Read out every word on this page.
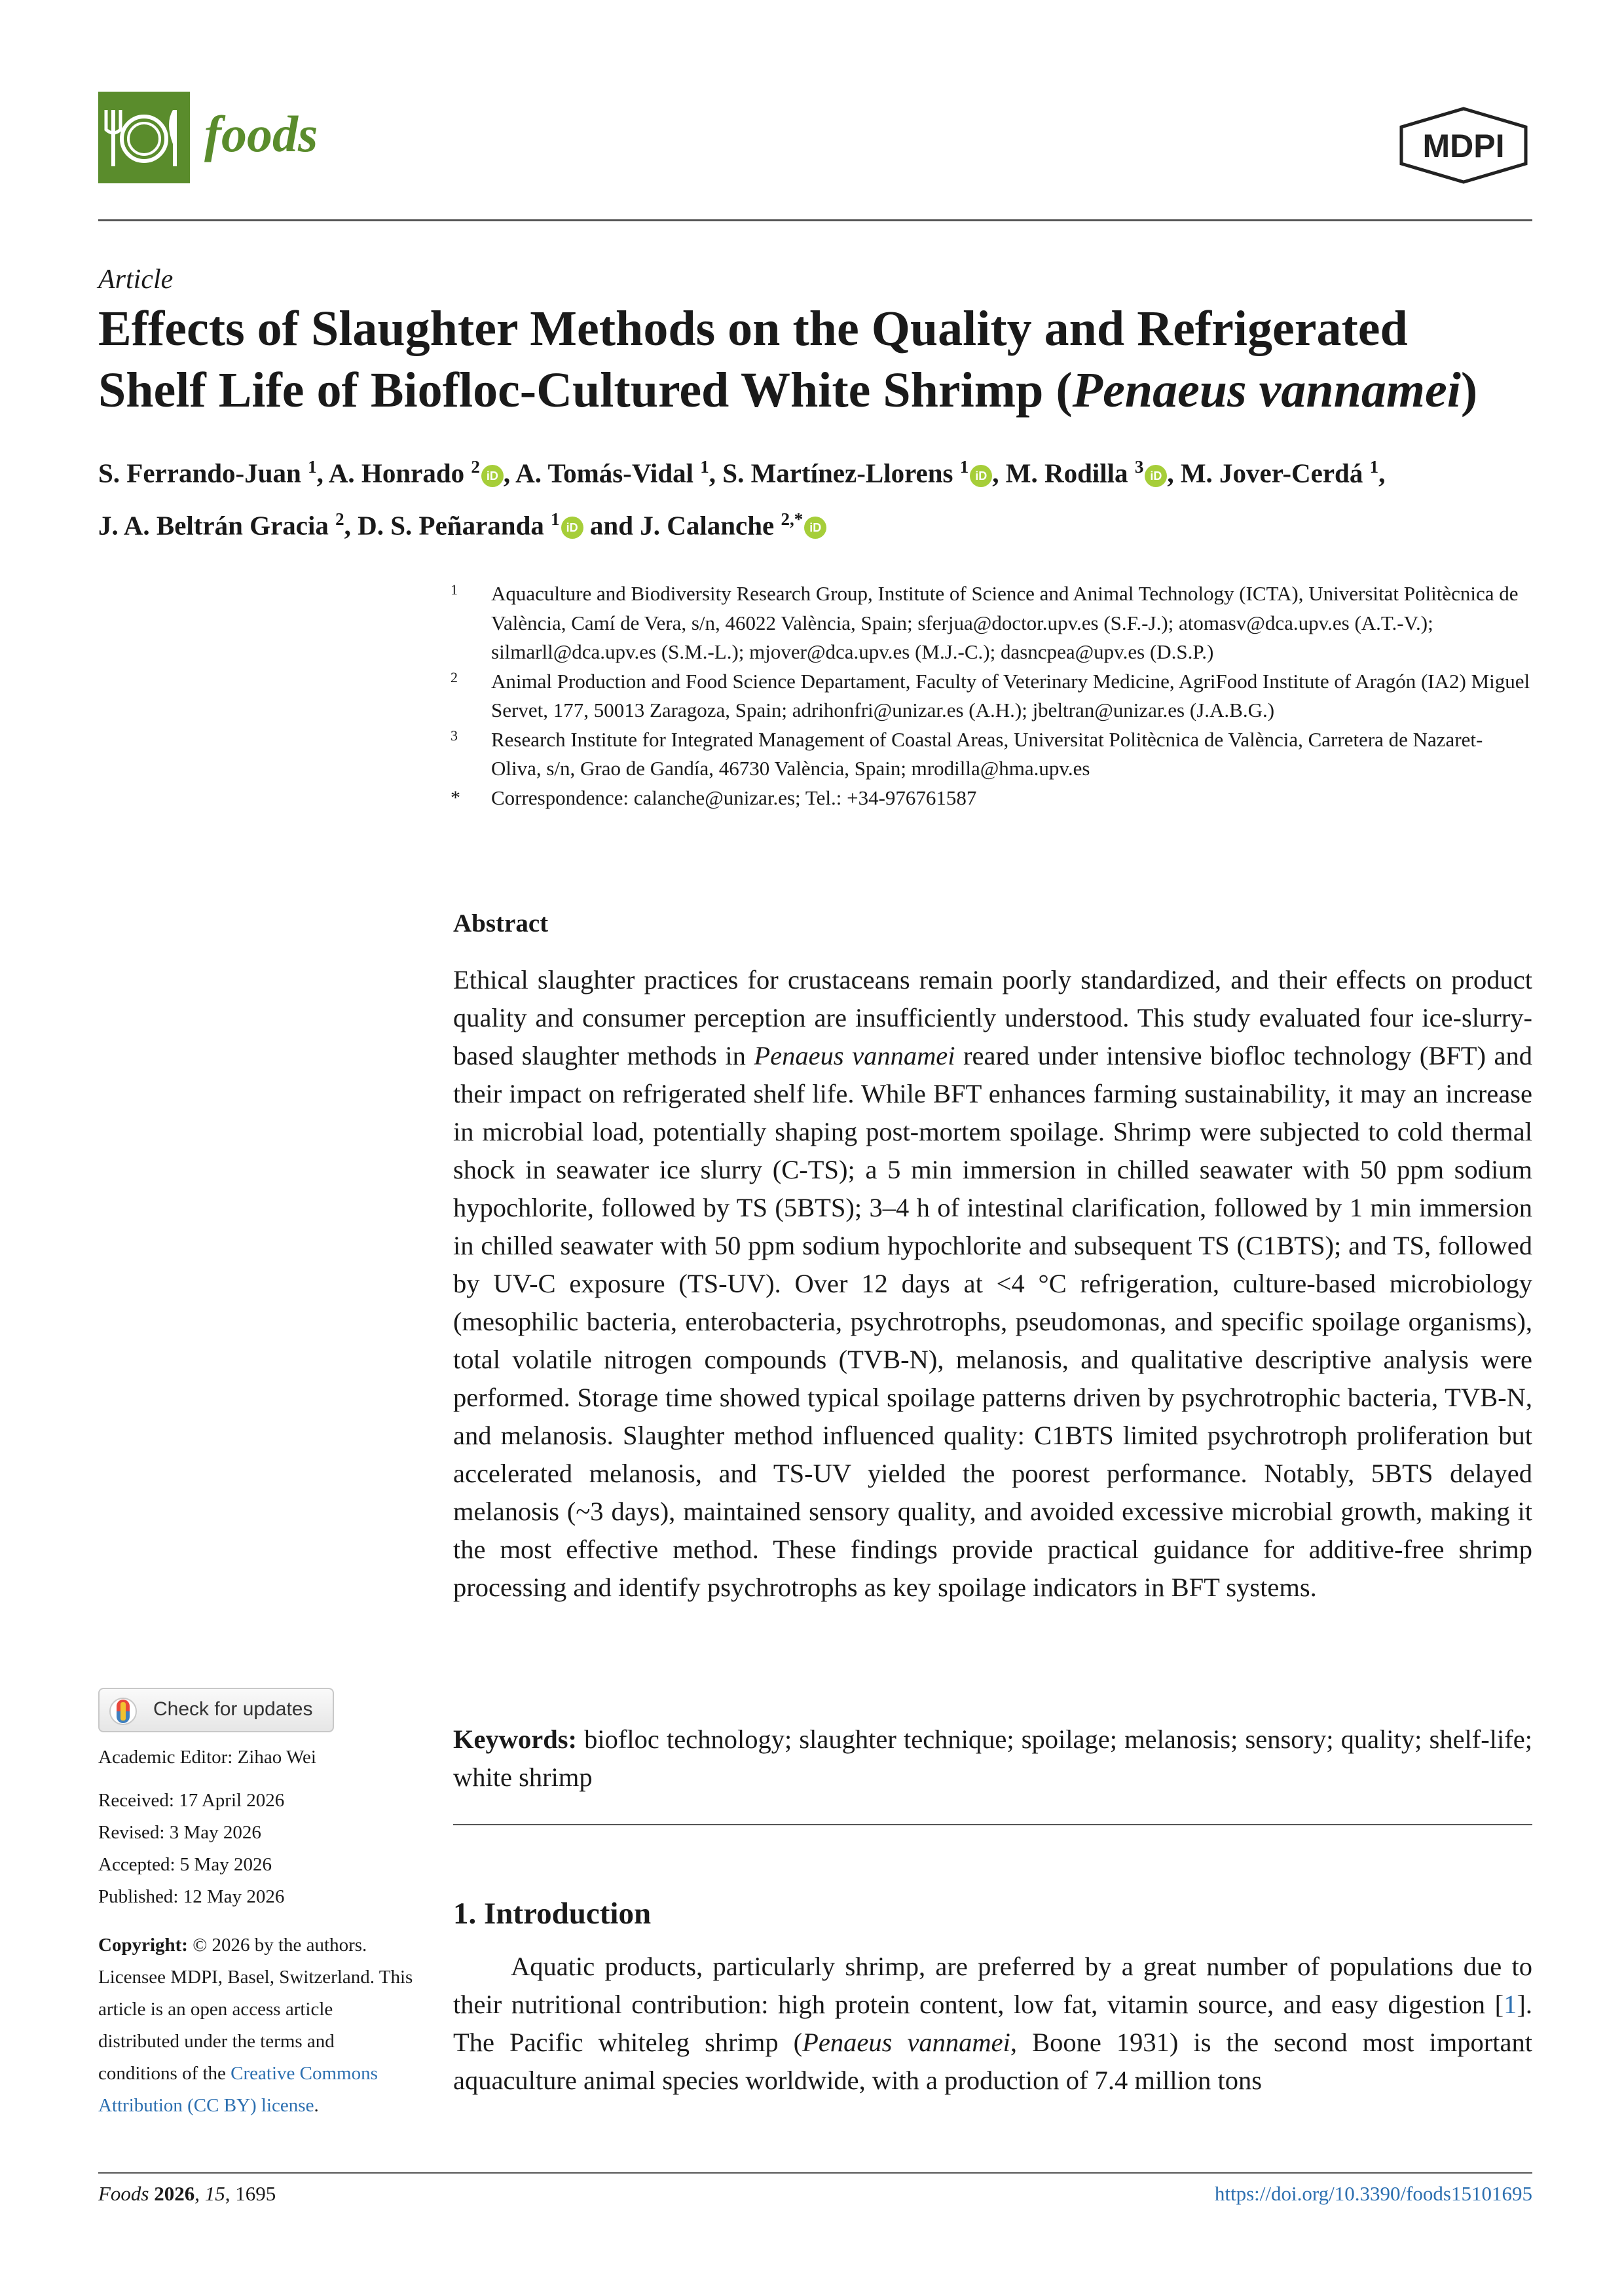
foods	MDPI
Article
Effects of Slaughter Methods on the Quality and Refrigerated
Shelf Life of Biofloc-Cultured White Shrimp (Penaeus vannamei)
S. Ferrando-Juan $^1$, A. Honrado $^2$ iD , A. Tomás-Vidal $^1$, S. Martínez-Llorens $^1$ iD , M. Rodilla $^3$ iD , M. Jover-Cerdá $^1$,
J. A. Beltrán Gracia $^2$, D. S. Peñaranda $^1$ iD and J. Calanche $^{2,*}$ iD
1 Aquaculture and Biodiversity Research Group, Institute of Science and Animal Technology (ICTA), Universitat Politècnica de València, Camí de Vera, s/n, 46022 València, Spain; sferjua@doctor.upv.es (S.F.-J.); atomasv@dca.upv.es (A.T.-V.); silmarll@dca.upv.es (S.M.-L.); mjover@dca.upv.es (M.J.-C.); dasncpea@upv.es (D.S.P.)
2 Animal Production and Food Science Departament, Faculty of Veterinary Medicine, AgriFood Institute of Aragón (IA2) Miguel Servet, 177, 50013 Zaragoza, Spain; adrihonfri@unizar.es (A.H.); jbeltran@unizar.es (J.A.B.G.)
3 Research Institute for Integrated Management of Coastal Areas, Universitat Politècnica de València, Carretera de Nazaret-Oliva, s/n, Grao de Gandía, 46730 València, Spain; mrodilla@hma.upv.es
* Correspondence: calanche@unizar.es; Tel.: +34-976761587
Abstract
Ethical slaughter practices for crustaceans remain poorly standardized, and their effects on product quality and consumer perception are insufficiently understood. This study evaluated four ice-slurry-based slaughter methods in Penaeus vannamei reared under intensive biofloc technology (BFT) and their impact on refrigerated shelf life. While BFT enhances farming sustainability, it may an increase in microbial load, potentially shaping post-mortem spoilage. Shrimp were subjected to cold thermal shock in seawater ice slurry (C-TS); a 5 min immersion in chilled seawater with 50 ppm sodium hypochlorite, followed by TS (5BTS); 3–4 h of intestinal clarification, followed by 1 min immersion in chilled seawater with 50 ppm sodium hypochlorite and subsequent TS (C1BTS); and TS, followed by UV-C exposure (TS-UV). Over 12 days at <4 °C refrigeration, culture-based microbiology (mesophilic bacteria, enterobacteria, psychrotrophs, pseudomonas, and specific spoilage organisms), total volatile nitrogen compounds (TVB-N), melanosis, and qualitative descriptive analysis were performed. Storage time showed typical spoilage patterns driven by psychrotrophic bacteria, TVB-N, and melanosis. Slaughter method influenced quality: C1BTS limited psychrotroph proliferation but accelerated melanosis, and TS-UV yielded the poorest performance. Notably, 5BTS delayed melanosis (~3 days), maintained sensory quality, and avoided excessive microbial growth, making it the most effective method. These findings provide practical guidance for additive-free shrimp processing and identify psychrotrophs as key spoilage indicators in BFT systems.
Keywords: biofloc technology; slaughter technique; spoilage; melanosis; sensory; quality; shelf-life; white shrimp
Check for updates
Academic Editor: Zihao Wei
Received: 17 April 2026
Revised: 3 May 2026
Accepted: 5 May 2026
Published: 12 May 2026
Copyright: © 2026 by the authors. Licensee MDPI, Basel, Switzerland. This article is an open access article distributed under the terms and conditions of the Creative Commons Attribution (CC BY) license.
1. Introduction
Aquatic products, particularly shrimp, are preferred by a great number of populations due to their nutritional contribution: high protein content, low fat, vitamin source, and easy digestion [1]. The Pacific whiteleg shrimp (Penaeus vannamei, Boone 1931) is the second most important aquaculture animal species worldwide, with a production of 7.4 million tons
Foods 2026, 15, 1695	https://doi.org/10.3390/foods15101695
